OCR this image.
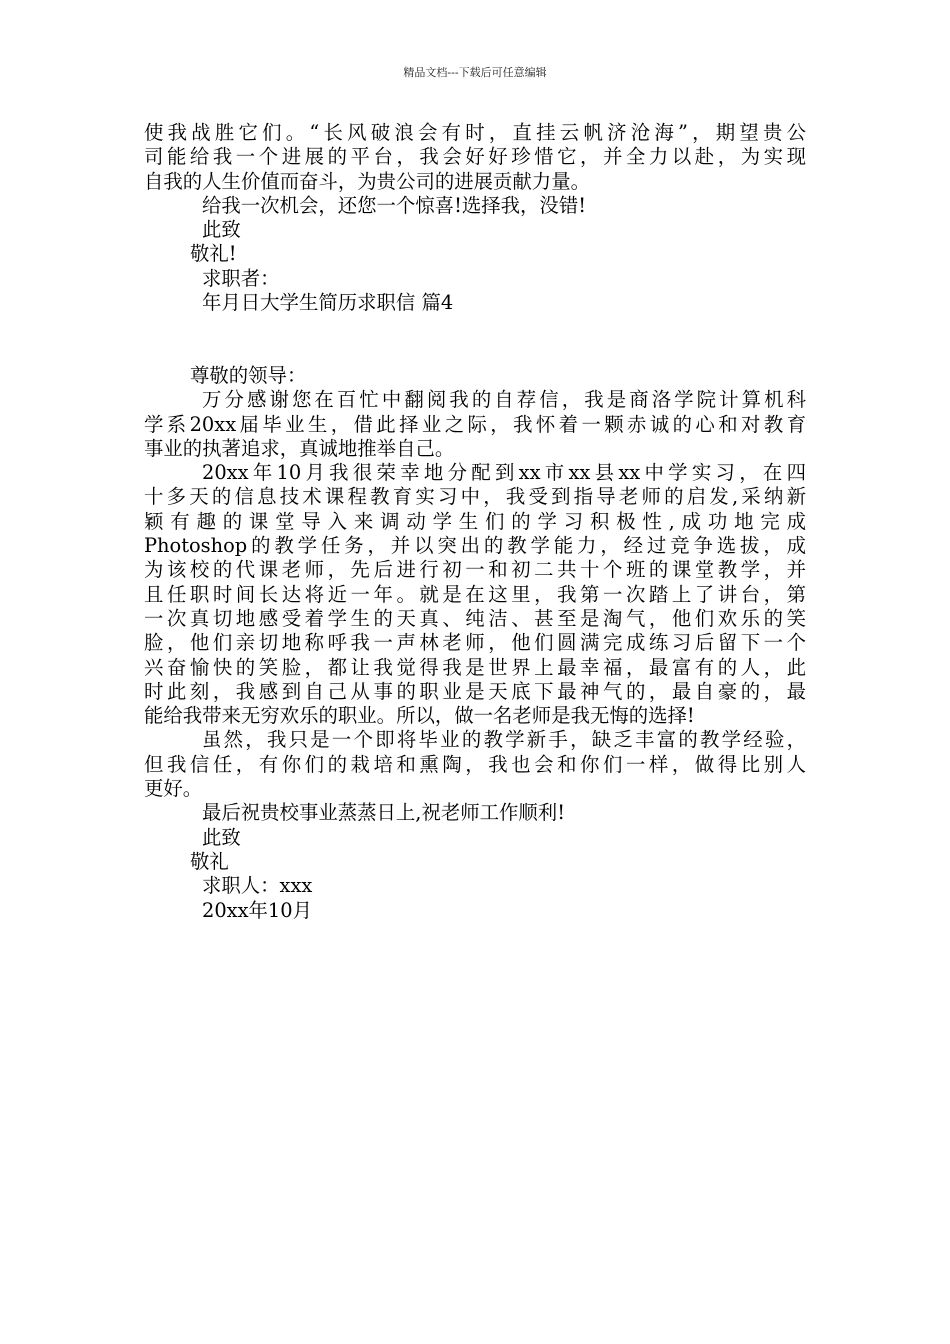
精品文档---下载后可任意编辑
使我战胜它们。“长风破浪会有时，直挂云帆济沧海”，期望贵公
司能给我一个进展的平台，我会好好珍惜它，并全力以赴，为实现
自我的人生价值而奋斗，为贵公司的进展贡献力量。
给我一次机会，还您一个惊喜!选择我，没错!
此致
敬礼!
求职者：
年月日大学生简历求职信 篇4
尊敬的领导：
万分感谢您在百忙中翻阅我的自荐信，我是商洛学院计算机科
学系20xx届毕业生，借此择业之际，我怀着一颗赤诚的心和对教育
事业的执著追求，真诚地推举自己。
20xx年10月我很荣幸地分配到xx市xx县xx中学实习，在四
十多天的信息技术课程教育实习中，我受到指导老师的启发,采纳新
颖有趣的课堂导入来调动学生们的学习积极性,成功地完成
Photoshop的教学任务，并以突出的教学能力，经过竞争选拔，成
为该校的代课老师，先后进行初一和初二共十个班的课堂教学，并
且任职时间长达将近一年。就是在这里，我第一次踏上了讲台，第
一次真切地感受着学生的天真、纯洁、甚至是淘气，他们欢乐的笑
脸，他们亲切地称呼我一声林老师，他们圆满完成练习后留下一个
兴奋愉快的笑脸，都让我觉得我是世界上最幸福，最富有的人，此
时此刻，我感到自己从事的职业是天底下最神气的，最自豪的，最
能给我带来无穷欢乐的职业。所以，做一名老师是我无悔的选择!
虽然，我只是一个即将毕业的教学新手，缺乏丰富的教学经验，
但我信任，有你们的栽培和熏陶，我也会和你们一样，做得比别人
更好。
最后祝贵校事业蒸蒸日上,祝老师工作顺利!
此致
敬礼
求职人：xxx
20xx年10月
